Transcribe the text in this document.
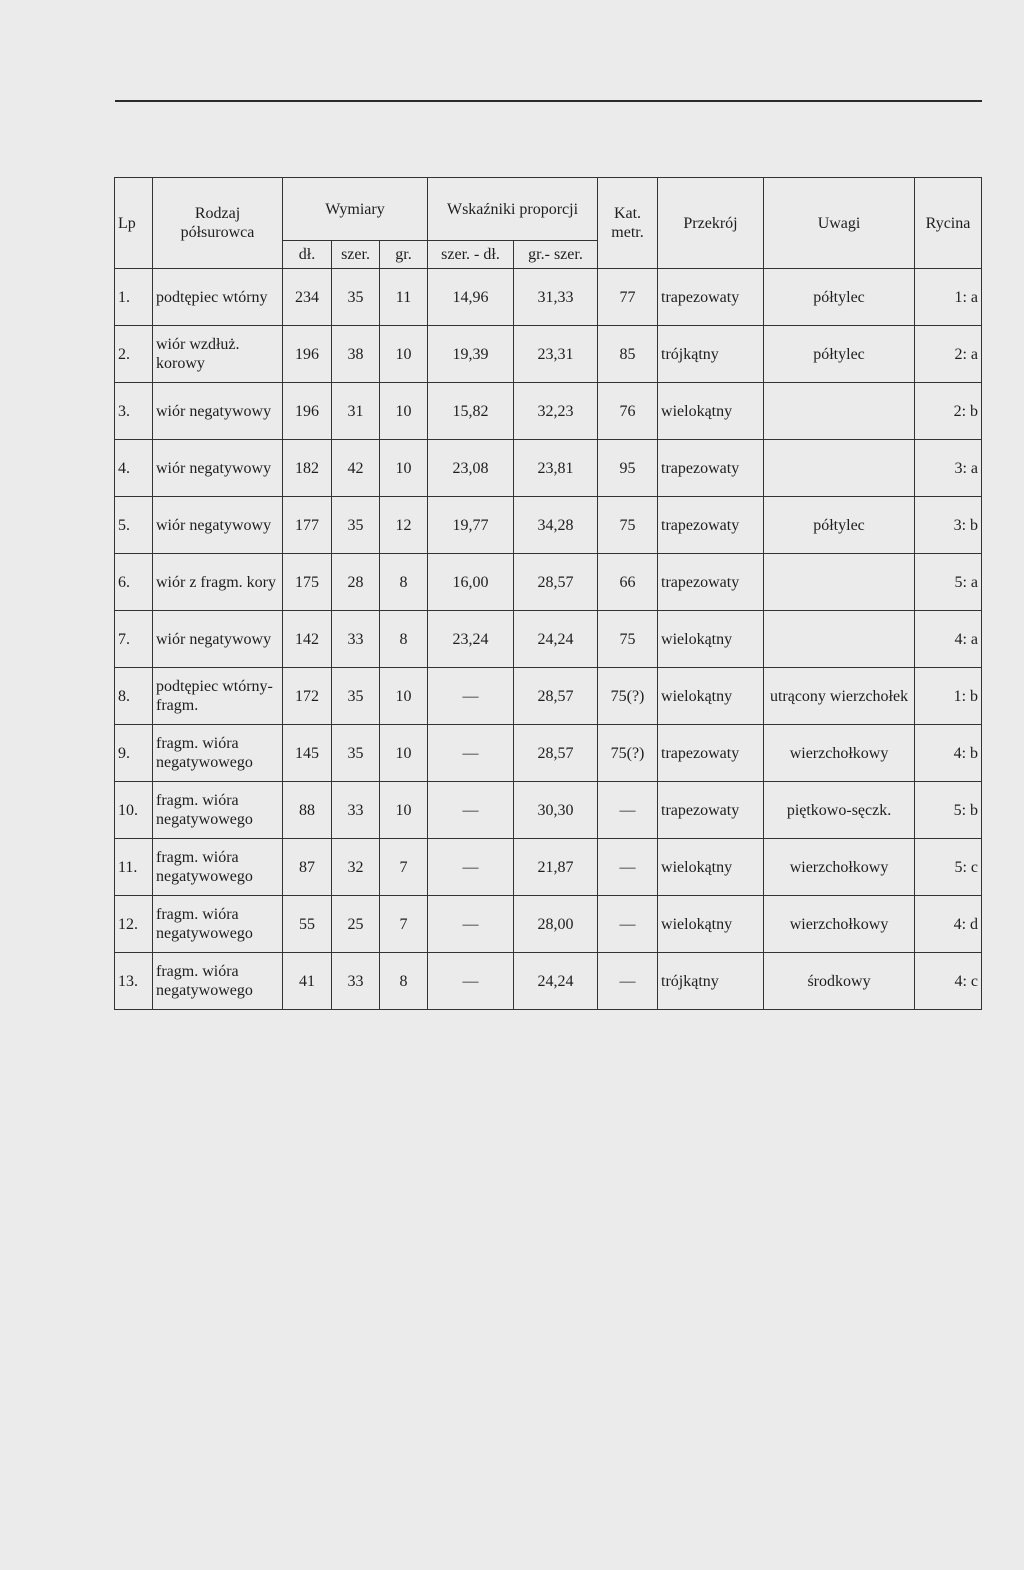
Lp	Rodzaj półsurowca	Wymiary			Wskaźniki proporcji		Kat. metr.	Przekrój	Uwagi	Rycina
		dł.	szer.	gr.	szer. - dł.	gr.- szer.				
1.	podtępiec wtórny	234	35	11	14,96	31,33	77	trapezowaty	półtylec	1: a
2.	wiór wzdłuż. korowy	196	38	10	19,39	23,31	85	trójkątny	półtylec	2: a
3.	wiór negatywowy	196	31	10	15,82	32,23	76	wielokątny		2: b
4.	wiór negatywowy	182	42	10	23,08	23,81	95	trapezowaty		3: a
5.	wiór negatywowy	177	35	12	19,77	34,28	75	trapezowaty	półtylec	3: b
6.	wiór z fragm. kory	175	28	8	16,00	28,57	66	trapezowaty		5: a
7.	wiór negatywowy	142	33	8	23,24	24,24	75	wielokątny		4: a
8.	podtępiec wtórny-fragm.	172	35	10	—	28,57	75(?)	wielokątny	utrącony wierzchołek	1: b
9.	fragm. wióra negatywowego	145	35	10	—	28,57	75(?)	trapezowaty	wierzchołkowy	4: b
10.	fragm. wióra negatywowego	88	33	10	—	30,30	—	trapezowaty	piętkowo-sęczk.	5: b
11.	fragm. wióra negatywowego	87	32	7	—	21,87	—	wielokątny	wierzchołkowy	5: c
12.	fragm. wióra negatywowego	55	25	7	—	28,00	—	wielokątny	wierzchołkowy	4: d
13.	fragm. wióra negatywowego	41	33	8	—	24,24	—	trójkątny	środkowy	4: c
